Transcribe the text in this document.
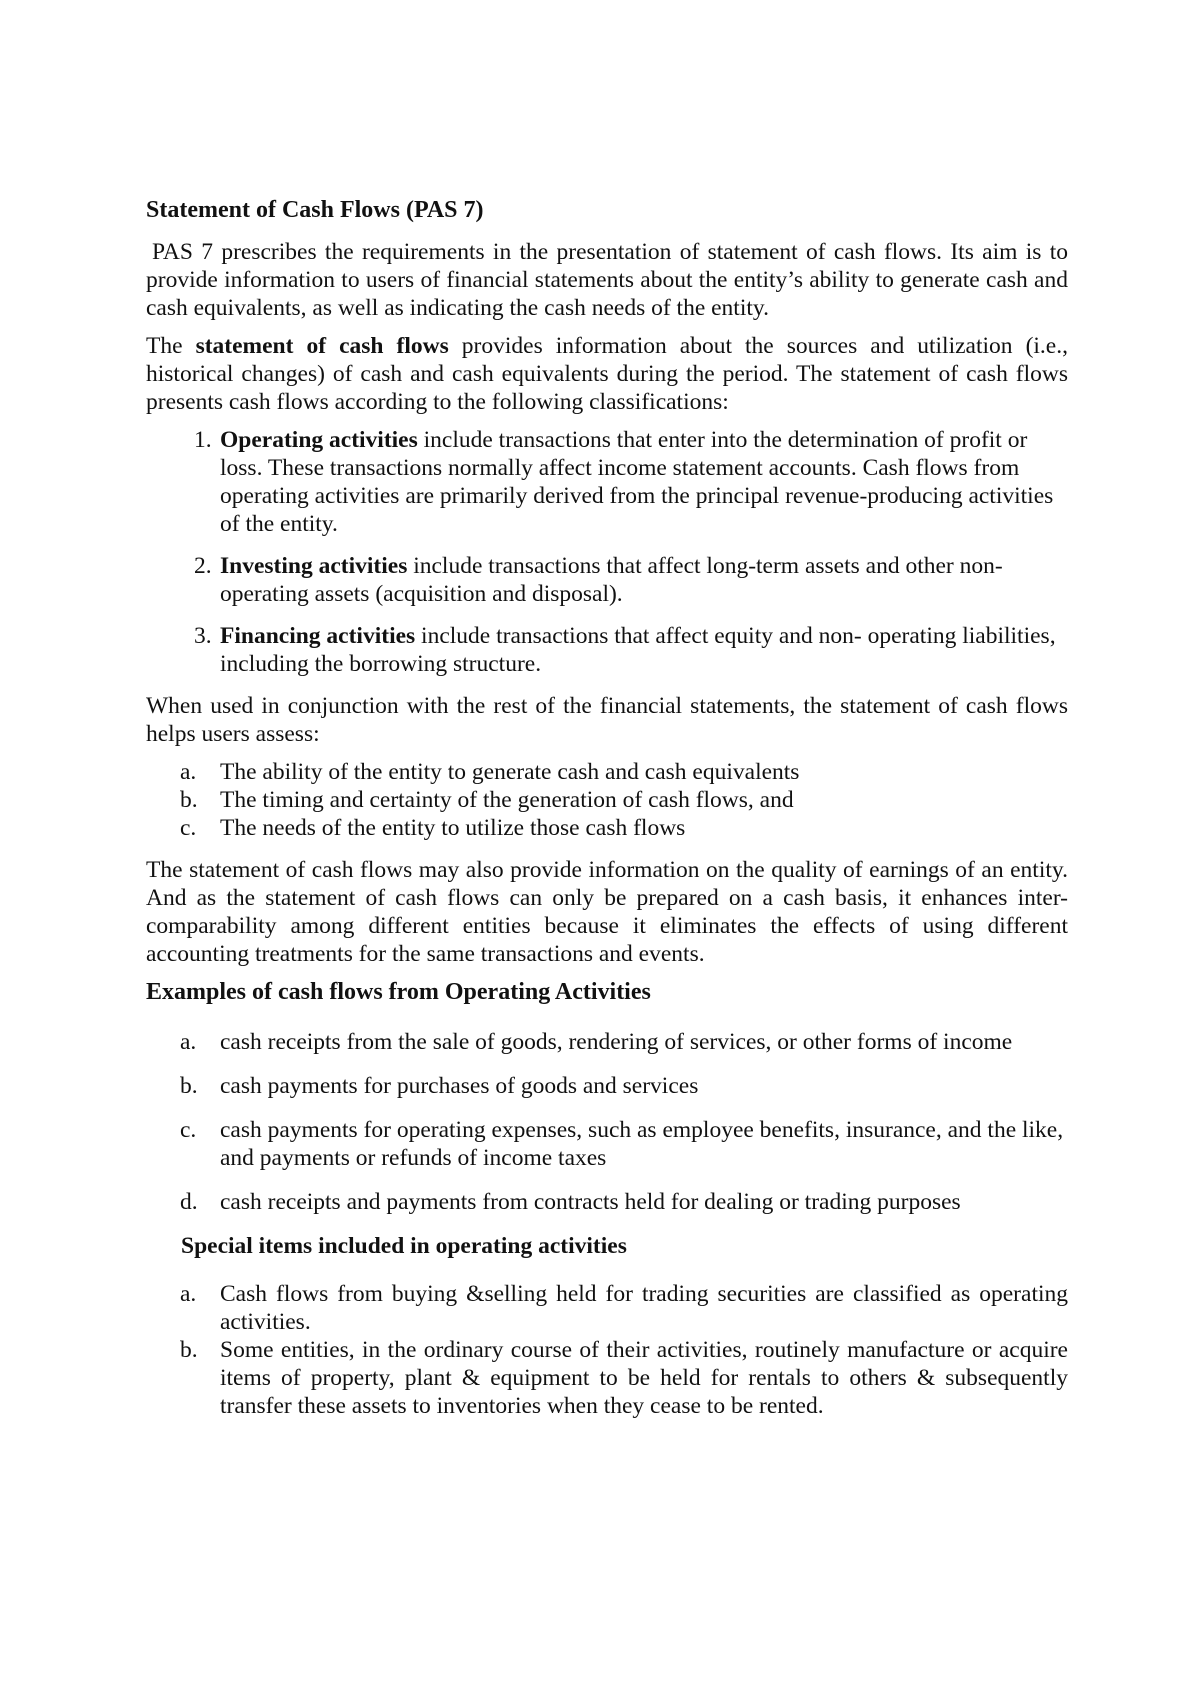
Statement of Cash Flows (PAS 7)

PAS 7 prescribes the requirements in the presentation of statement of cash flows. Its aim is to provide information to users of financial statements about the entity’s ability to generate cash and cash equivalents, as well as indicating the cash needs of the entity.

The statement of cash flows provides information about the sources and utilization (i.e., historical changes) of cash and cash equivalents during the period. The statement of cash flows presents cash flows according to the following classifications:

1. Operating activities include transactions that enter into the determination of profit or loss. These transactions normally affect income statement accounts. Cash flows from operating activities are primarily derived from the principal revenue-producing activities of the entity.
2. Investing activities include transactions that affect long-term assets and other non-operating assets (acquisition and disposal).
3. Financing activities include transactions that affect equity and non- operating liabilities, including the borrowing structure.

When used in conjunction with the rest of the financial statements, the statement of cash flows helps users assess:

a. The ability of the entity to generate cash and cash equivalents
b. The timing and certainty of the generation of cash flows, and
c. The needs of the entity to utilize those cash flows

The statement of cash flows may also provide information on the quality of earnings of an entity. And as the statement of cash flows can only be prepared on a cash basis, it enhances inter-comparability among different entities because it eliminates the effects of using different accounting treatments for the same transactions and events.

Examples of cash flows from Operating Activities
a. cash receipts from the sale of goods, rendering of services, or other forms of income
b. cash payments for purchases of goods and services
c. cash payments for operating expenses, such as employee benefits, insurance, and the like, and payments or refunds of income taxes
d. cash receipts and payments from contracts held for dealing or trading purposes
Special items included in operating activities
a. Cash flows from buying &selling held for trading securities are classified as operating activities.
b. Some entities, in the ordinary course of their activities, routinely manufacture or acquire items of property, plant & equipment to be held for rentals to others & subsequently transfer these assets to inventories when they cease to be rented.
